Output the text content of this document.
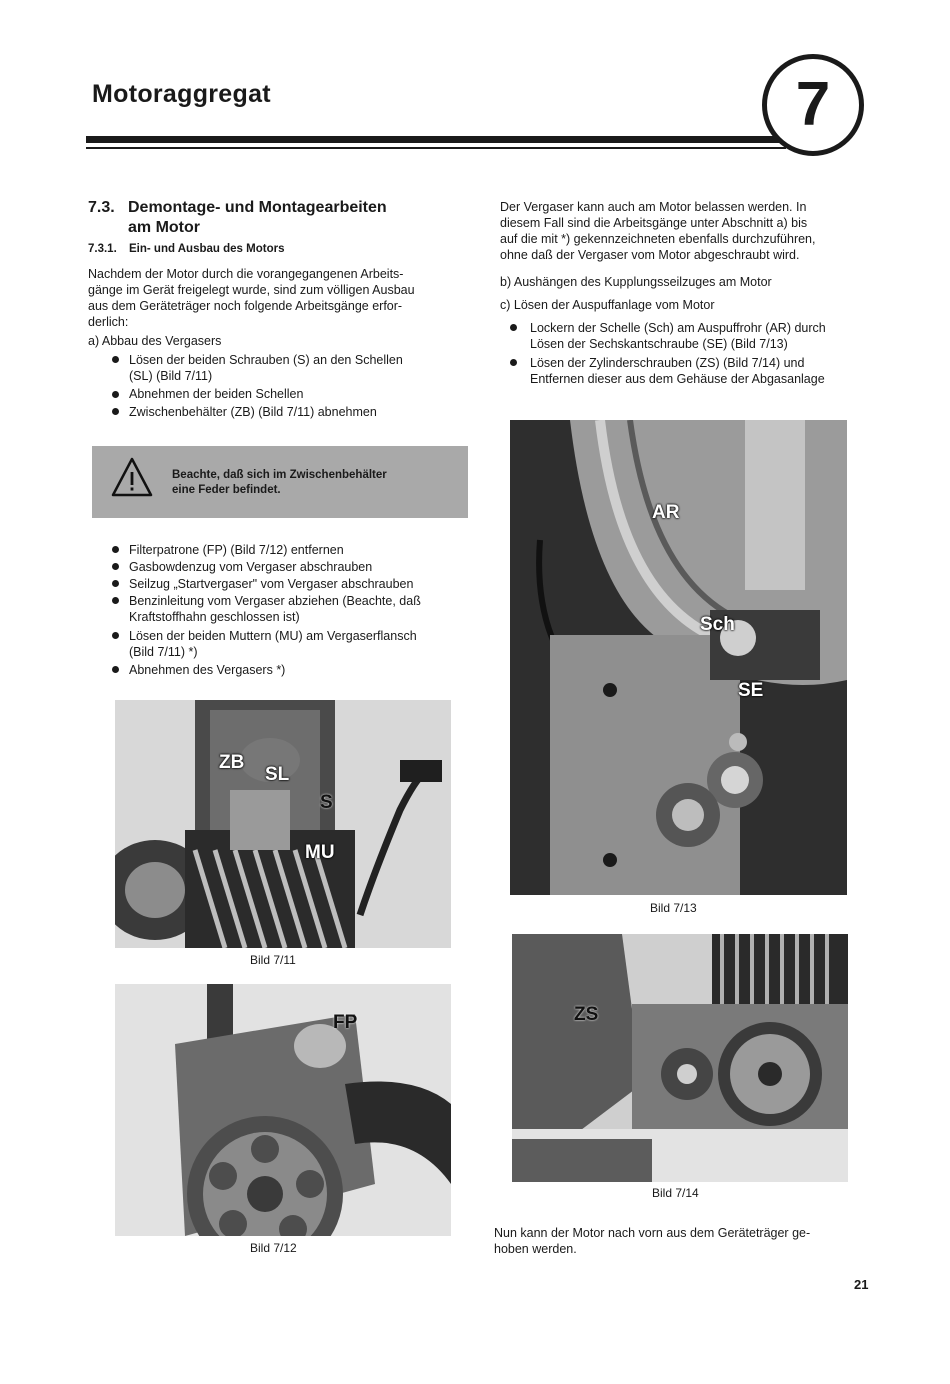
Motoraggregat	7
7.3. Demontage- und Montagearbeiten
am Motor
7.3.1. Ein- und Ausbau des Motors
Nachdem der Motor durch die vorangegangenen Arbeits-
gänge im Gerät freigelegt wurde, sind zum völligen Ausbau
aus dem Geräteträger noch folgende Arbeitsgänge erfor-
derlich:
a) Abbau des Vergasers
Lösen der beiden Schrauben (S) an den Schellen
(SL) (Bild 7/11)
Abnehmen der beiden Schellen
Zwischenbehälter (ZB) (Bild 7/11) abnehmen
Beachte, daß sich im Zwischenbehälter
eine Feder befindet.
Filterpatrone (FP) (Bild 7/12) entfernen
Gasbowdenzug vom Vergaser abschrauben
Seilzug „Startvergaser" vom Vergaser abschrauben
Benzinleitung vom Vergaser abziehen (Beachte, daß
Kraftstoffhahn geschlossen ist)
Lösen der beiden Muttern (MU) am Vergaserflansch
(Bild 7/11) *)
Abnehmen des Vergasers *)
Der Vergaser kann auch am Motor belassen werden. In
diesem Fall sind die Arbeitsgänge unter Abschnitt a) bis
auf die mit *) gekennzeichneten ebenfalls durchzuführen,
ohne daß der Vergaser vom Motor abgeschraubt wird.
b) Aushängen des Kupplungsseilzuges am Motor
c) Lösen der Auspuffanlage vom Motor
Lockern der Schelle (Sch) am Auspuffrohr (AR) durch
Lösen der Sechskantschraube (SE) (Bild 7/13)
Lösen der Zylinderschrauben (ZS) (Bild 7/14) und
Entfernen dieser aus dem Gehäuse der Abgasanlage
ZB
SL
S
MU
Bild 7/11
FP
Bild 7/12
AR
Sch
SE
Bild 7/13
ZS
Bild 7/14
Nun kann der Motor nach vorn aus dem Geräteträger ge-
hoben werden.
21
